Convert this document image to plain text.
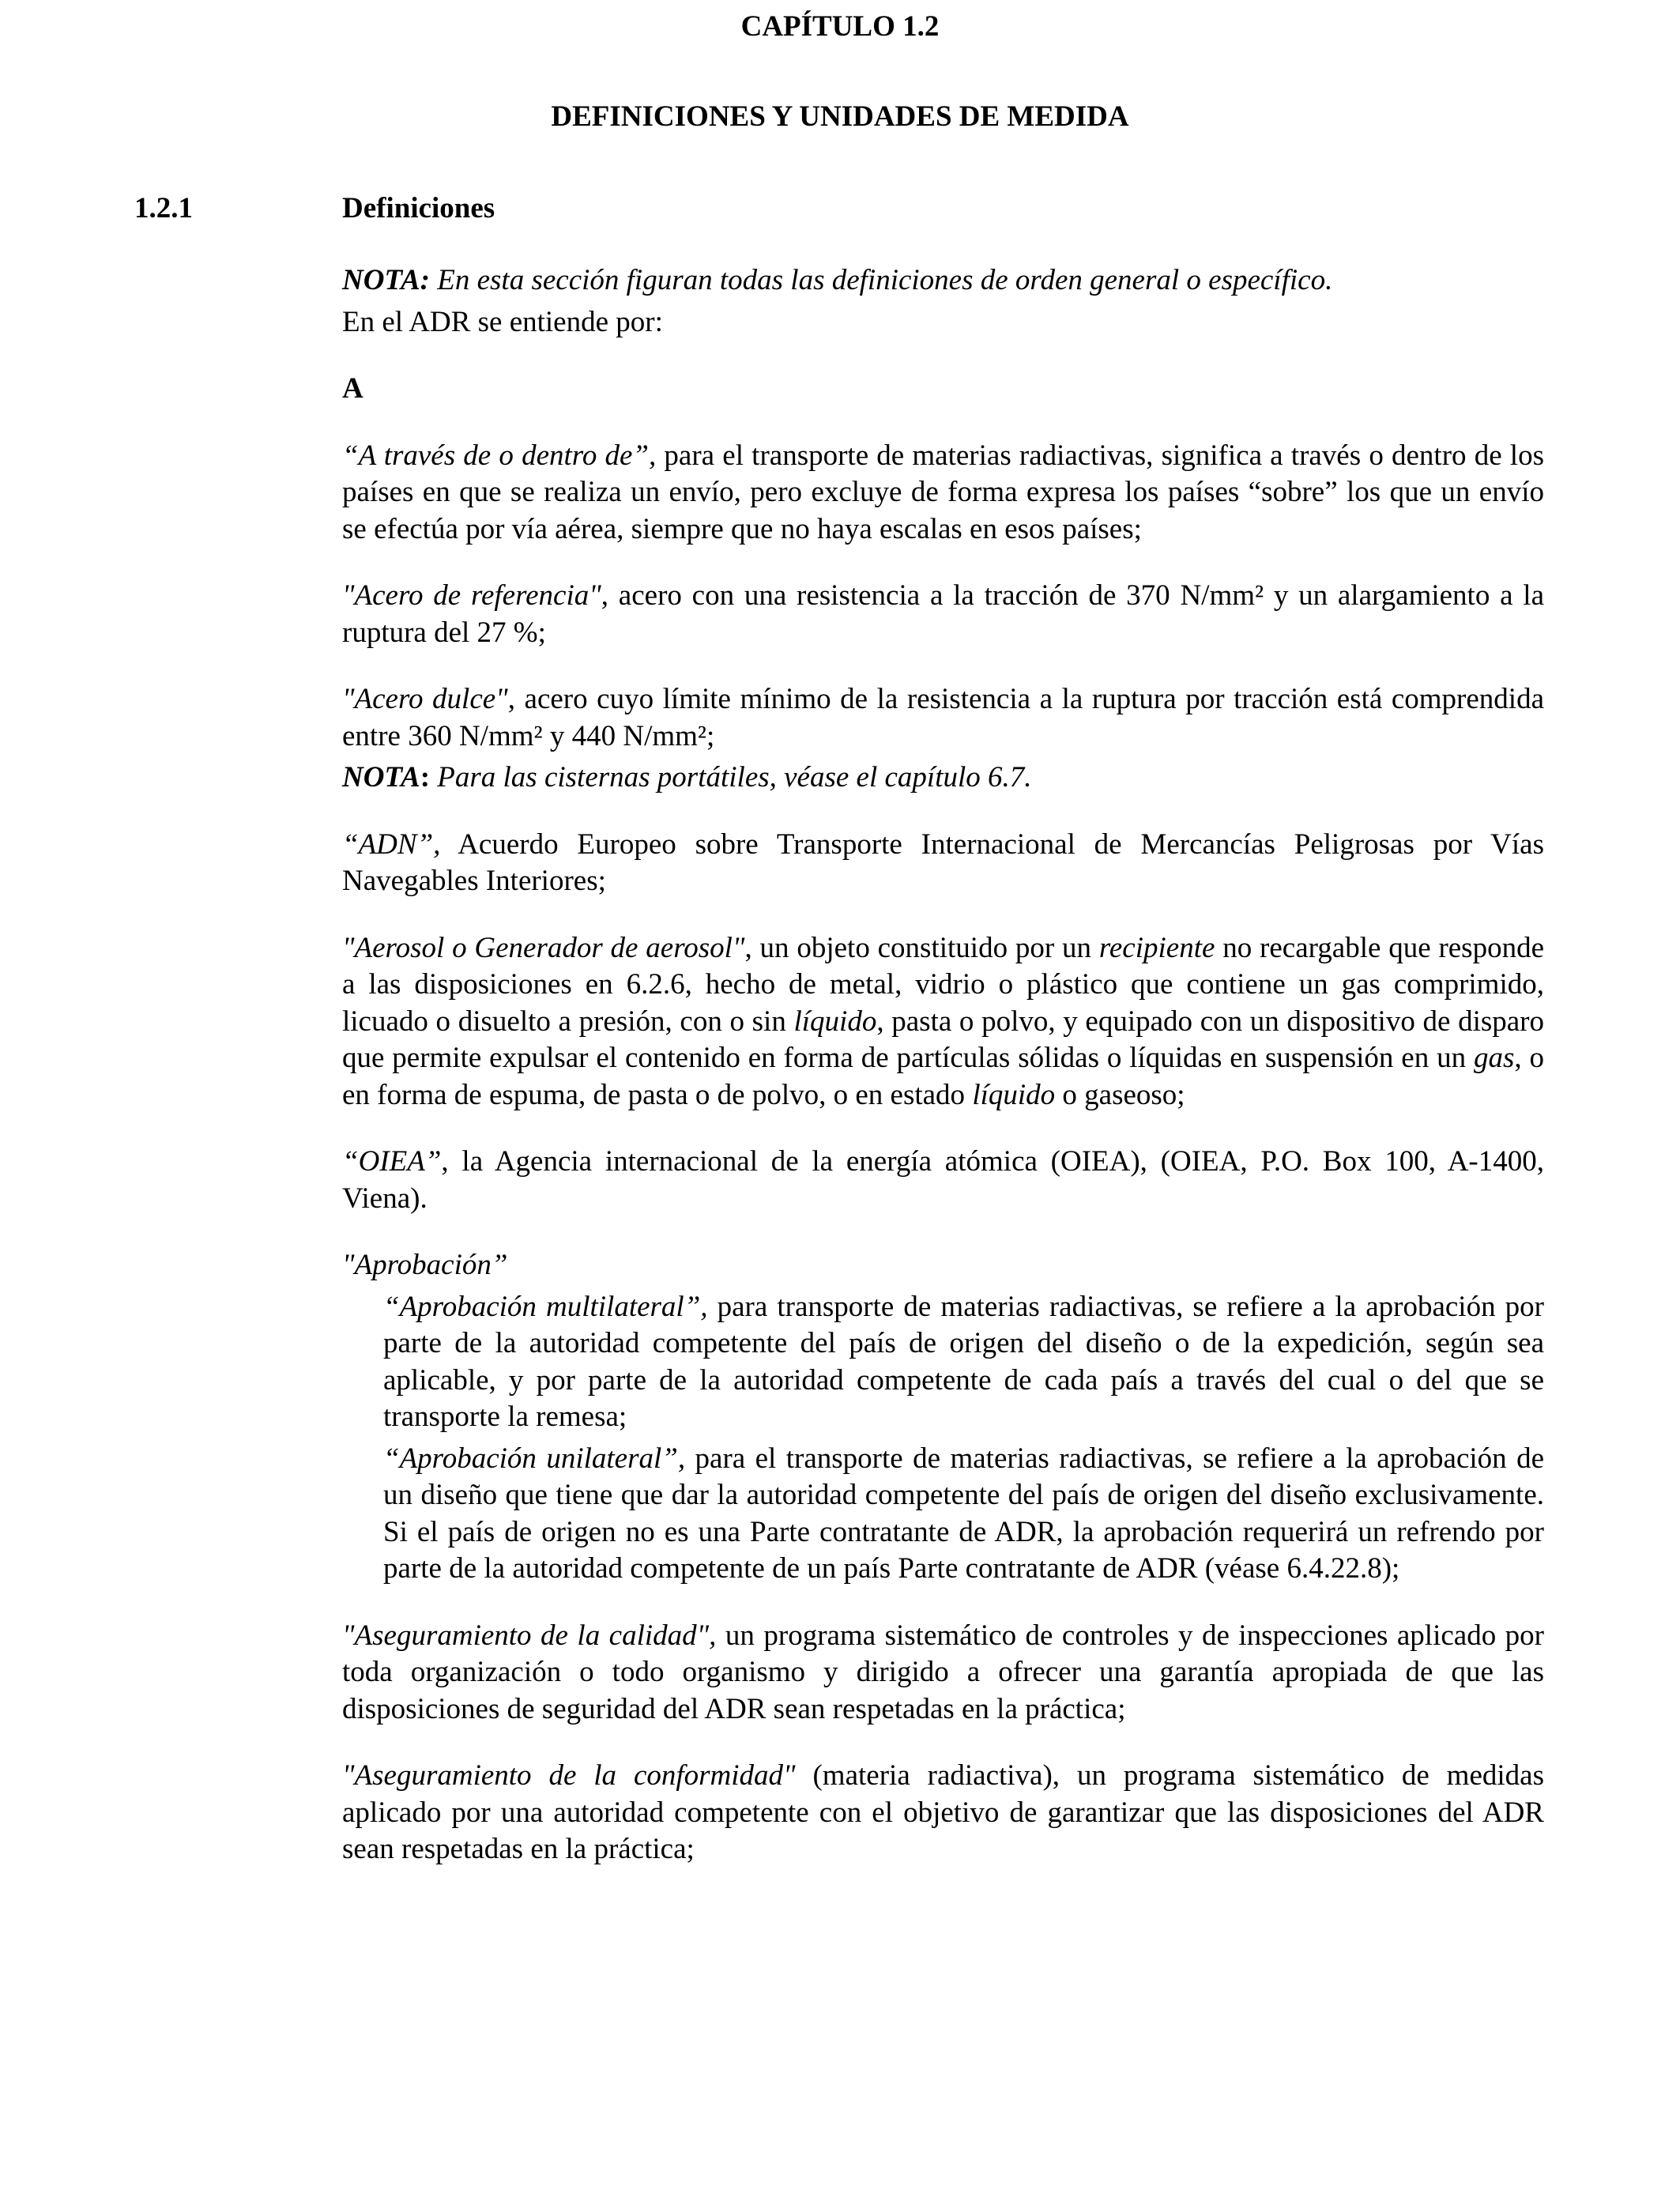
CAPÍTULO 1.2
DEFINICIONES Y UNIDADES DE MEDIDA
1.2.1	Definiciones

NOTA: En esta sección figuran todas las definiciones de orden general o específico.

En el ADR se entiende por:

A

“A través de o dentro de”, para el transporte de materias radiactivas, significa a través o dentro de los países en que se realiza un envío, pero excluye de forma expresa los países “sobre” los que un envío se efectúa por vía aérea, siempre que no haya escalas en esos países;

"Acero de referencia", acero con una resistencia a la tracción de 370 N/mm² y un alargamiento a la ruptura del 27 %;

"Acero dulce", acero cuyo límite mínimo de la resistencia a la ruptura por tracción está comprendida entre 360 N/mm² y 440 N/mm²;

NOTA: Para las cisternas portátiles, véase el capítulo 6.7.

“ADN”, Acuerdo Europeo sobre Transporte Internacional de Mercancías Peligrosas por Vías Navegables Interiores;

"Aerosol o Generador de aerosol", un objeto constituido por un recipiente no recargable que responde a las disposiciones en 6.2.6, hecho de metal, vidrio o plástico que contiene un gas comprimido, licuado o disuelto a presión, con o sin líquido, pasta o polvo, y equipado con un dispositivo de disparo que permite expulsar el contenido en forma de partículas sólidas o líquidas en suspensión en un gas, o en forma de espuma, de pasta o de polvo, o en estado líquido o gaseoso;

“OIEA”, la Agencia internacional de la energía atómica (OIEA), (OIEA, P.O. Box 100, A-1400, Viena).

"Aprobación”

“Aprobación multilateral”, para transporte de materias radiactivas, se refiere a la aprobación por parte de la autoridad competente del país de origen del diseño o de la expedición, según sea aplicable, y por parte de la autoridad competente de cada país a través del cual o del que se transporte la remesa;

“Aprobación unilateral”, para el transporte de materias radiactivas, se refiere a la aprobación de un diseño que tiene que dar la autoridad competente del país de origen del diseño exclusivamente. Si el país de origen no es una Parte contratante de ADR, la aprobación requerirá un refrendo por parte de la autoridad competente de un país Parte contratante de ADR (véase 6.4.22.8);

"Aseguramiento de la calidad", un programa sistemático de controles y de inspecciones aplicado por toda organización o todo organismo y dirigido a ofrecer una garantía apropiada de que las disposiciones de seguridad del ADR sean respetadas en la práctica;

"Aseguramiento de la conformidad" (materia radiactiva), un programa sistemático de medidas aplicado por una autoridad competente con el objetivo de garantizar que las disposiciones del ADR sean respetadas en la práctica;
